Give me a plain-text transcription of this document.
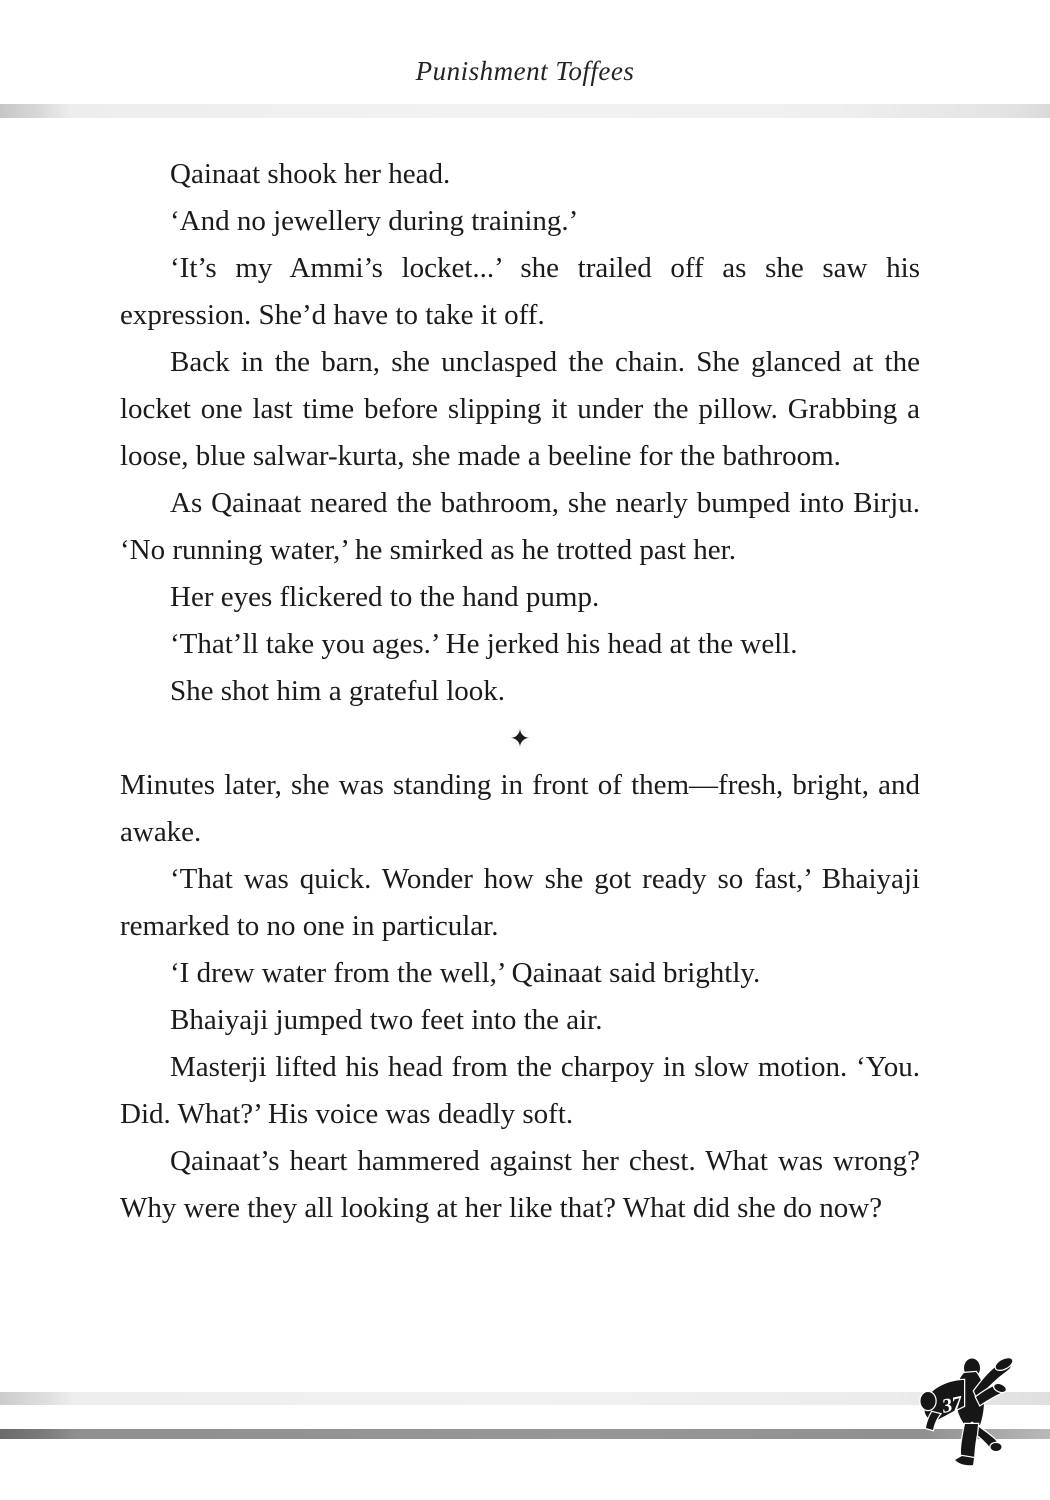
Punishment Toffees

Qainaat shook her head.

‘And no jewellery during training.’

‘It’s my Ammi’s locket...’ she trailed off as she saw his expression. She’d have to take it off.

Back in the barn, she unclasped the chain. She glanced at the locket one last time before slipping it under the pillow. Grabbing a loose, blue salwar-kurta, she made a beeline for the bathroom.

As Qainaat neared the bathroom, she nearly bumped into Birju. ‘No running water,’ he smirked as he trotted past her.

Her eyes flickered to the hand pump.

‘That’ll take you ages.’ He jerked his head at the well.

She shot him a grateful look.

✦

Minutes later, she was standing in front of them—fresh, bright, and awake.

‘That was quick. Wonder how she got ready so fast,’ Bhaiyaji remarked to no one in particular.

‘I drew water from the well,’ Qainaat said brightly.

Bhaiyaji jumped two feet into the air.

Masterji lifted his head from the charpoy in slow motion. ‘You. Did. What?’ His voice was deadly soft.

Qainaat’s heart hammered against her chest. What was wrong? Why were they all looking at her like that? What did she do now?

37
